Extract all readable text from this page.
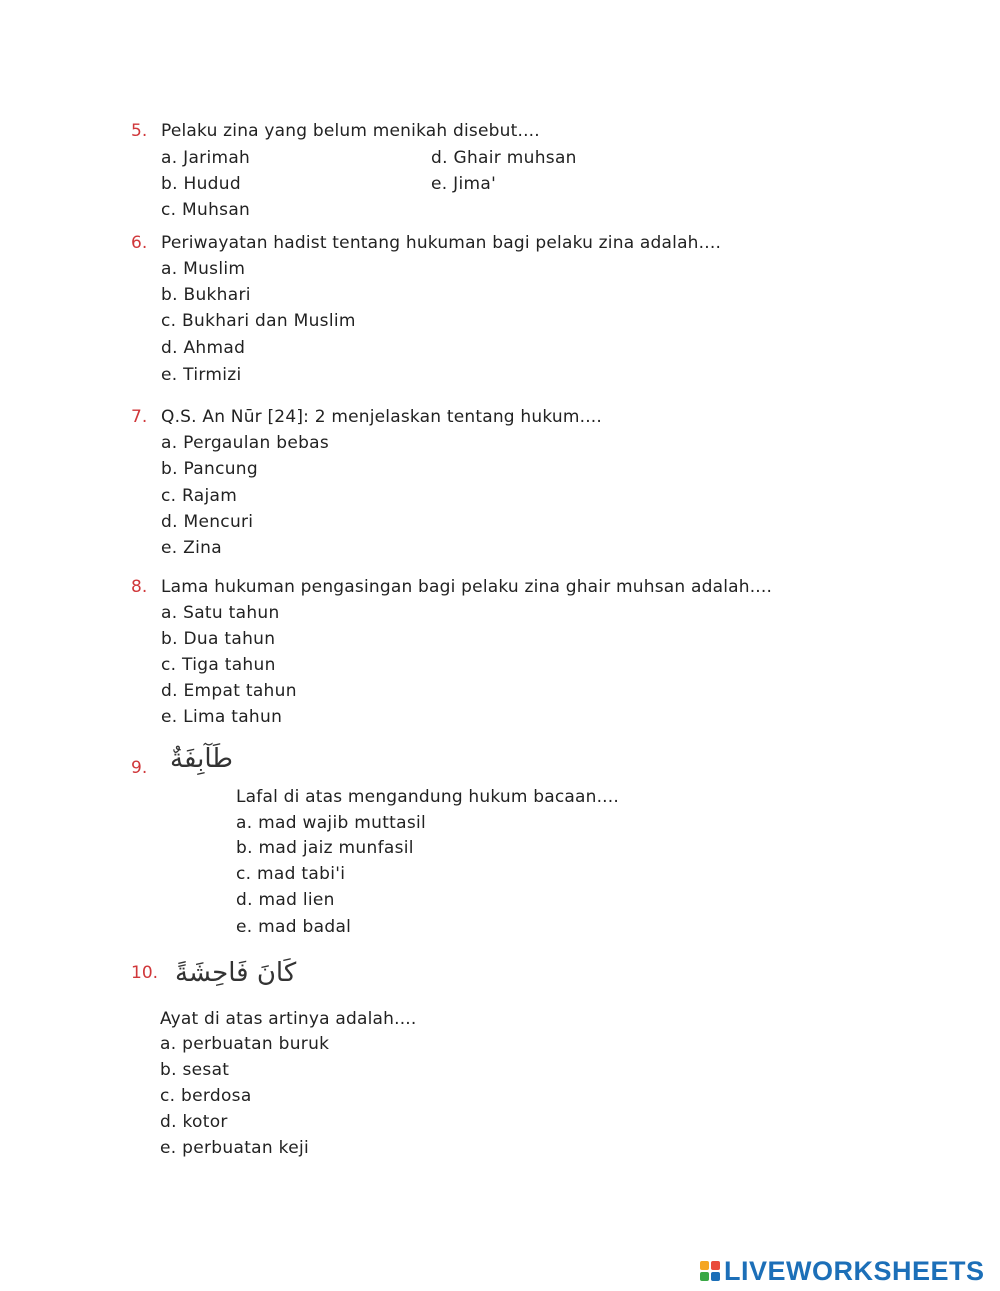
5. Pelaku zina yang belum menikah disebut....
a. Jarimah
b. Hudud
c. Muhsan
d. Ghair muhsan
e. Jima'
6. Periwayatan hadist tentang hukuman bagi pelaku zina adalah....
a. Muslim
b. Bukhari
c. Bukhari dan Muslim
d. Ahmad
e. Tirmizi
7. Q.S. An Nūr [24]: 2 menjelaskan tentang hukum....
a. Pergaulan bebas
b. Pancung
c. Rajam
d. Mencuri
e. Zina
8. Lama hukuman pengasingan bagi pelaku zina ghair muhsan adalah....
a. Satu tahun
b. Dua tahun
c. Tiga tahun
d. Empat tahun
e. Lima tahun
9. طَآبِفَةٌ
Lafal di atas mengandung hukum bacaan....
a. mad wajib muttasil
b. mad jaiz munfasil
c. mad tabi'i
d. mad lien
e. mad badal
10. كَانَ فَاحِشَةً
Ayat di atas artinya adalah....
a. perbuatan buruk
b. sesat
c. berdosa
d. kotor
e. perbuatan keji
LIVEWORKSHEETS
